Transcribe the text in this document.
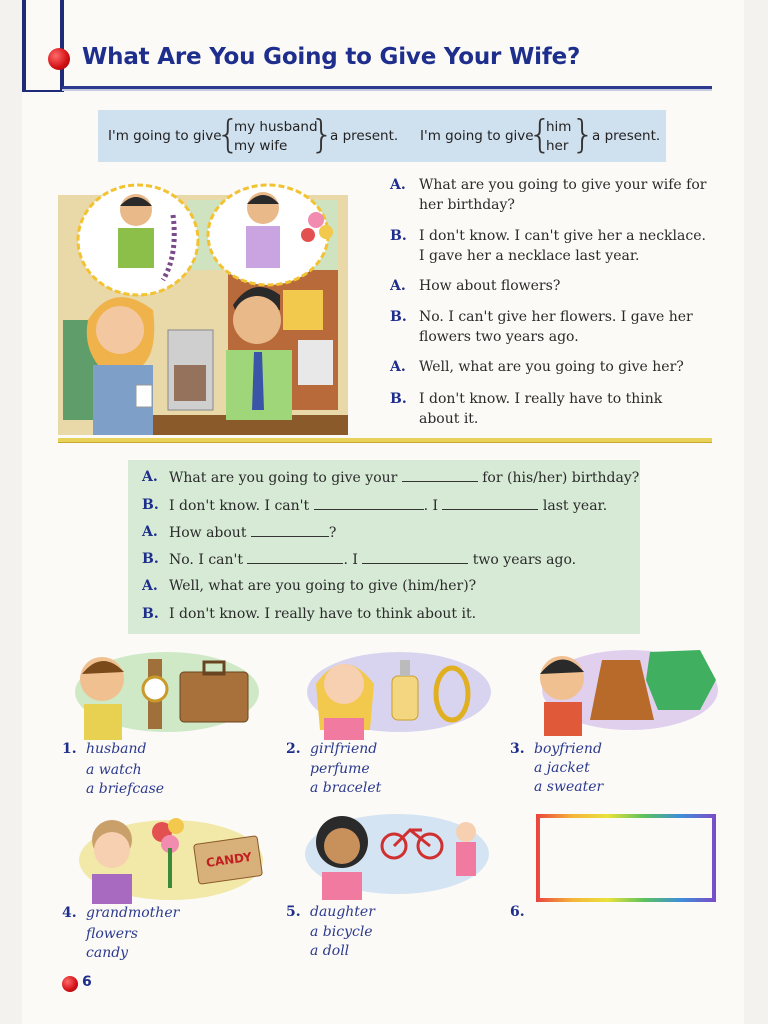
What Are You Going to Give Your Wife?
I'm going to give
{
my husband
my wife }
a present. I'm going to give
{
him
her }
a present.
A. What are you going to give your wife for
her birthday?
B. I don't know. I can't give her a necklace.
I gave her a necklace last year.
A. How about flowers?
B. No. I can't give her flowers. I gave her
flowers two years ago.
A. Well, what are you going to give her?
B. I don't know. I really have to think
about it.
A. What are you going to give your	for (his/her) birthday?
B. I don't know. I can't	. I	last year.
A. How about	?
B. No. I can't	. I	two years ago.
A. Well, what are you going to give (him/her)?
B. I don't know. I really have to think about it.
CANDY
1. husband
a watch
a briefcase
2. girlfriend
perfume
a bracelet
3. boyfriend
a jacket
a sweater
4. grandmother
flowers
candy
5. daughter
a bicycle
a doll
6.
6
